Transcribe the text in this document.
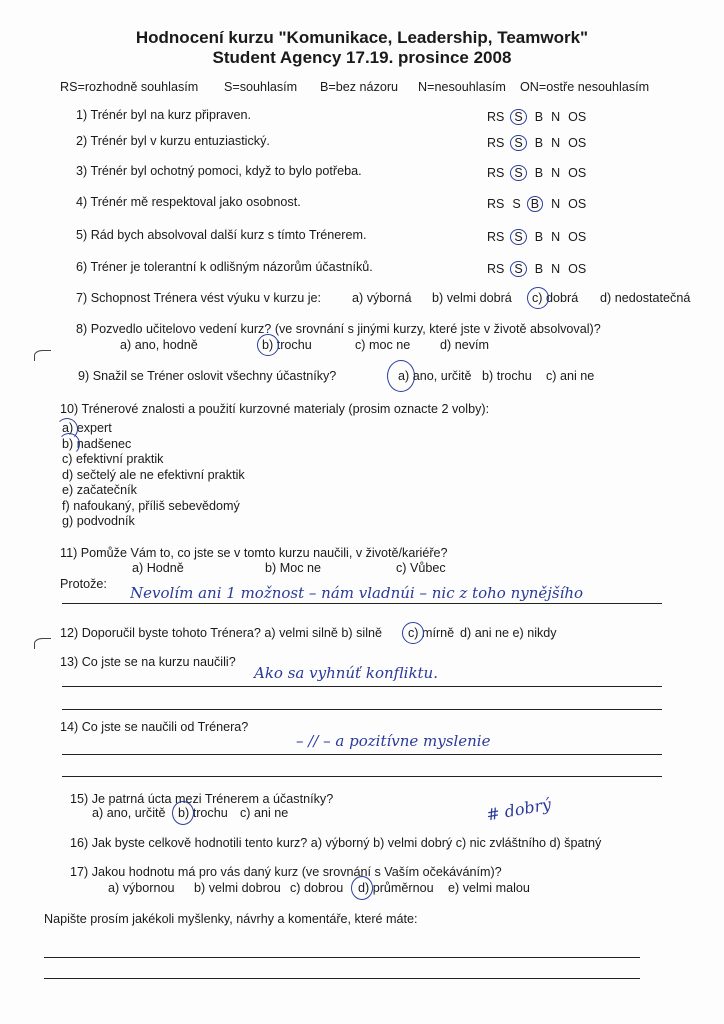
Hodnocení kurzu "Komunikace, Leadership, Teamwork"
Student Agency 17.19. prosince 2008
RS=rozhodně souhlasím S=souhlasím B=bez názoru N=nesouhlasím ON=ostře nesouhlasím
1) Trénér byl na kurz připraven.	RS S B N OS
2) Trénér byl v kurzu entuziastický.	RS S B N OS
3) Trénér byl ochotný pomoci, když to bylo potřeba.	RS S B N OS
4) Trénér mě respektoval jako osobnost.	RS S B N OS
5) Rád bych absolvoval další kurz s tímto Trénerem.	RS S B N OS
6) Tréner je tolerantní k odlišným názorům účastníků.	RS S B N OS
7) Schopnost Trénera vést výuku v kurzu je: a) výborná b) velmi dobrá c) dobrá d) nedostatečná
8) Pozvedlo učitelovo vedení kurz? (ve srovnání s jinými kurzy, které jste v životě absolvoval)?
a) ano, hodně	b) trochu	c) moc ne d) nevím
9) Snažil se Tréner oslovit všechny účastníky?	a) ano, určitě b) trochu c) ani ne
10) Trénerové znalosti a použití kurzovné materialy (prosim oznacte 2 volby):
a) expert
b) nadšenec
c) efektivní praktik
d) sečtelý ale ne efektivní praktik
e) začatečník
f) nafoukaný, příliš sebevědomý
g) podvodník
11) Pomůže Vám to, co jste se v tomto kurzu naučili, v životě/kariéře?
a) Hodně	b) Moc ne	c) Vůbec
Protože: Nevolím ani 1 možnost – nám vladnúi – nic z toho nynějšího
12) Doporučil byste tohoto Trénera? a) velmi silně b) silně c) mírně d) ani ne e) nikdy
13) Co jste se na kurzu naučili?
Ako sa vyhnúť konfliktu.
14) Co jste se naučili od Trénera?
– // – a pozitívne myslenie
15) Je patrná úcta mezi Trénerem a účastníky?
a) ano, určitě b) trochu c) ani ne	# dobrý
16) Jak byste celkově hodnotili tento kurz? a) výborný b) velmi dobrý c) nic zvláštního d) špatný
17) Jakou hodnotu má pro vás daný kurz (ve srovnání s Vaším očekáváním)?
a) výbornou b) velmi dobrou c) dobrou d) průměrnou e) velmi malou
Napište prosím jakékoli myšlenky, návrhy a komentáře, které máte:
